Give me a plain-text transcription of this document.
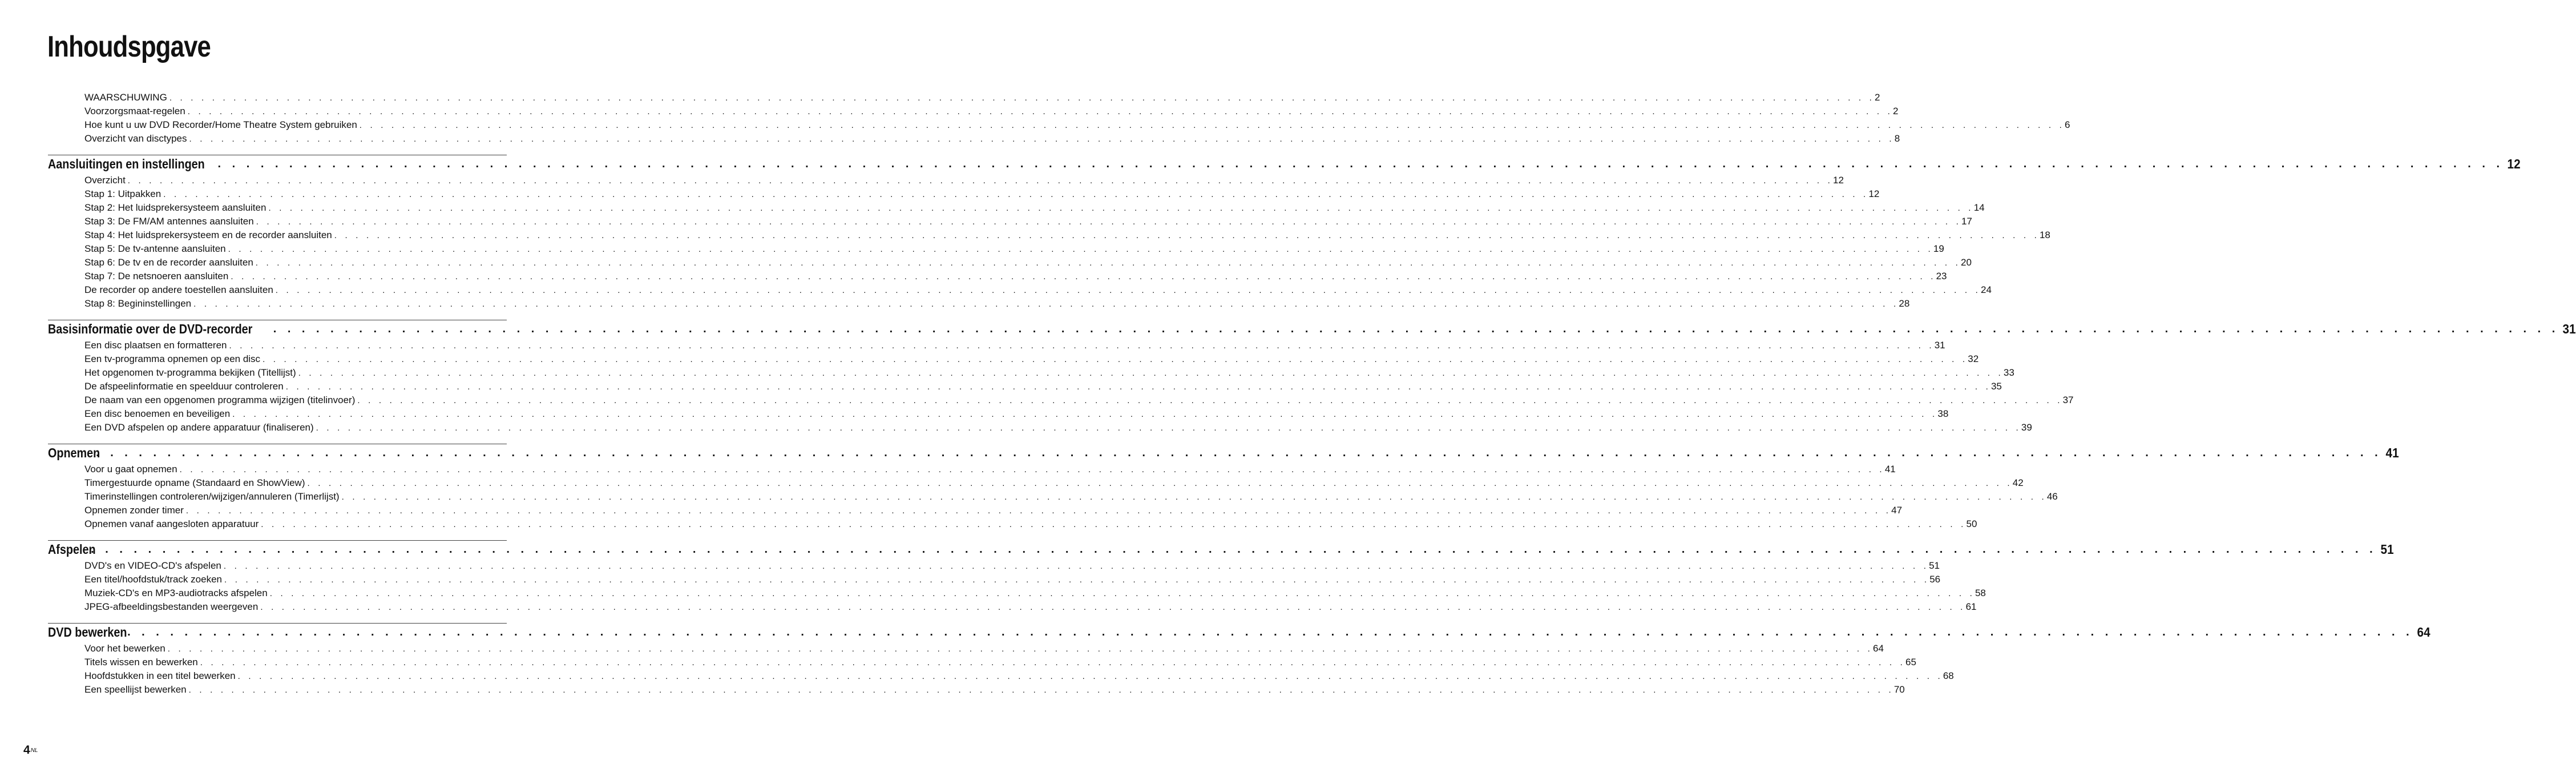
Inhoudspgave
WAARSCHUWING . . . . . . . . . . . . . . . . . . . . . . . . . . . . . . . . . . . . . . . . . . . . . . . . . . . . . . . . . . . . . . . . . . . . . . . . . . . . . . . . . . . . . . . . . . . . . . . . . . . . . . . . . . . . . . . . . . . . . . . . . . . . . . . . . . . . . . . . . . . . . . . . . . . . . . . . . . . . . . . . 2
Voorzorgsmaat-regelen . . . . . . . . . . . . . . . . . . . . . . . . . . . . . . . . . . . . . . . . . . . . . . . . . . . . . . . . . . . . . . . . . . . . . . . . . . . . . . . . . . . . . . . . . . . . . . . . . . . . . . . . . . . . . . . . . . . . . . . . . . . . . . . . . . . . . . . . . . . . . . . . . . . . . . . . . . . . . . . . 2
Hoe kunt u uw DVD Recorder/Home Theatre System gebruiken . . . . . . . . . . . . . . . . . . . . . . . . . . . . . . . . . . . . . . . . . . . . . . . . . . . . . . . . . . . . . . . . . . . . . . . . . . . . . . . . . . . . . . . . . . . . . . . . . . . . . . . . . . . . . . . . . . . . . . . . . . . . . . . . . . . . . . . . . . . . . . . . . . . . . . . . . . . . . . . . 6
Overzicht van disctypes . . . . . . . . . . . . . . . . . . . . . . . . . . . . . . . . . . . . . . . . . . . . . . . . . . . . . . . . . . . . . . . . . . . . . . . . . . . . . . . . . . . . . . . . . . . . . . . . . . . . . . . . . . . . . . . . . . . . . . . . . . . . . . . . . . . . . . . . . . . . . . . . . . . . . . . . . . . . . . . . 8
Aansluitingen en instellingen . . . . . . . . . . . . . . . . . . . . . . . . . . . . . . . . . . . . . . . . . . . . . . . . . . . . . . . . . . . . . . . . . . . . . . . . . . . . . . . . . . . . . . . . . . . . . . . . . . . . . . . . . . . . . . . . . . . . . . . . . . . . . . . . . . . . . . . . . . . . . . . . . . . . . . . . . . . . . . . . 12
Overzicht . . . . . . . . . . . . . . . . . . . . . . . . . . . . . . . . . . . . . . . . . . . . . . . . . . . . . . . . . . . . . . . . . . . . . . . . . . . . . . . . . . . . . . . . . . . . . . . . . . . . . . . . . . . . . . . . . . . . . . . . . . . . . . . . . . . . . . . . . . . . . . . . . . . . . . . . . . . . . . . . 12
Stap 1: Uitpakken . . . . . . . . . . . . . . . . . . . . . . . . . . . . . . . . . . . . . . . . . . . . . . . . . . . . . . . . . . . . . . . . . . . . . . . . . . . . . . . . . . . . . . . . . . . . . . . . . . . . . . . . . . . . . . . . . . . . . . . . . . . . . . . . . . . . . . . . . . . . . . . . . . . . . . . . . . . . . . . . 12
Stap 2: Het luidsprekersysteem aansluiten . . . . . . . . . . . . . . . . . . . . . . . . . . . . . . . . . . . . . . . . . . . . . . . . . . . . . . . . . . . . . . . . . . . . . . . . . . . . . . . . . . . . . . . . . . . . . . . . . . . . . . . . . . . . . . . . . . . . . . . . . . . . . . . . . . . . . . . . . . . . . . . . . . . . . . . . . . . . . . . . 14
Stap 3: De FM/AM antennes aansluiten . . . . . . . . . . . . . . . . . . . . . . . . . . . . . . . . . . . . . . . . . . . . . . . . . . . . . . . . . . . . . . . . . . . . . . . . . . . . . . . . . . . . . . . . . . . . . . . . . . . . . . . . . . . . . . . . . . . . . . . . . . . . . . . . . . . . . . . . . . . . . . . . . . . . . . . . . . . . . . . . 17
Stap 4: Het luidsprekersysteem en de recorder aansluiten . . . . . . . . . . . . . . . . . . . . . . . . . . . . . . . . . . . . . . . . . . . . . . . . . . . . . . . . . . . . . . . . . . . . . . . . . . . . . . . . . . . . . . . . . . . . . . . . . . . . . . . . . . . . . . . . . . . . . . . . . . . . . . . . . . . . . . . . . . . . . . . . . . . . . . . . . . . . . . . . 18
Stap 5: De tv-antenne aansluiten . . . . . . . . . . . . . . . . . . . . . . . . . . . . . . . . . . . . . . . . . . . . . . . . . . . . . . . . . . . . . . . . . . . . . . . . . . . . . . . . . . . . . . . . . . . . . . . . . . . . . . . . . . . . . . . . . . . . . . . . . . . . . . . . . . . . . . . . . . . . . . . . . . . . . . . . . . . . . . . . 19
Stap 6: De tv en de recorder aansluiten . . . . . . . . . . . . . . . . . . . . . . . . . . . . . . . . . . . . . . . . . . . . . . . . . . . . . . . . . . . . . . . . . . . . . . . . . . . . . . . . . . . . . . . . . . . . . . . . . . . . . . . . . . . . . . . . . . . . . . . . . . . . . . . . . . . . . . . . . . . . . . . . . . . . . . . . . . . . . . . . 20
Stap 7: De netsnoeren aansluiten . . . . . . . . . . . . . . . . . . . . . . . . . . . . . . . . . . . . . . . . . . . . . . . . . . . . . . . . . . . . . . . . . . . . . . . . . . . . . . . . . . . . . . . . . . . . . . . . . . . . . . . . . . . . . . . . . . . . . . . . . . . . . . . . . . . . . . . . . . . . . . . . . . . . . . . . . . . . . . . . 23
De recorder op andere toestellen aansluiten . . . . . . . . . . . . . . . . . . . . . . . . . . . . . . . . . . . . . . . . . . . . . . . . . . . . . . . . . . . . . . . . . . . . . . . . . . . . . . . . . . . . . . . . . . . . . . . . . . . . . . . . . . . . . . . . . . . . . . . . . . . . . . . . . . . . . . . . . . . . . . . . . . . . . . . . . . . . . . . . 24
Stap 8: Begininstellingen . . . . . . . . . . . . . . . . . . . . . . . . . . . . . . . . . . . . . . . . . . . . . . . . . . . . . . . . . . . . . . . . . . . . . . . . . . . . . . . . . . . . . . . . . . . . . . . . . . . . . . . . . . . . . . . . . . . . . . . . . . . . . . . . . . . . . . . . . . . . . . . . . . . . . . . . . . . . . . . . 28
Basisinformatie over de DVD-recorder . . . . . . . . . . . . . . . . . . . . . . . . . . . . . . . . . . . . . . . . . . . . . . . . . . . . . . . . . . . . . . . . . . . . . . . . . . . . . . . . . . . . . . . . . . . . . . . . . . . . . . . . . . . . . . . . . . . . . . . . . . . . . . . . . . . . . . . . . . . . . . . . . . . . . . . . . . . . . . . . 31
Een disc plaatsen en formatteren . . . . . . . . . . . . . . . . . . . . . . . . . . . . . . . . . . . . . . . . . . . . . . . . . . . . . . . . . . . . . . . . . . . . . . . . . . . . . . . . . . . . . . . . . . . . . . . . . . . . . . . . . . . . . . . . . . . . . . . . . . . . . . . . . . . . . . . . . . . . . . . . . . . . . . . . . . . . . . . . 31
Een tv-programma opnemen op een disc . . . . . . . . . . . . . . . . . . . . . . . . . . . . . . . . . . . . . . . . . . . . . . . . . . . . . . . . . . . . . . . . . . . . . . . . . . . . . . . . . . . . . . . . . . . . . . . . . . . . . . . . . . . . . . . . . . . . . . . . . . . . . . . . . . . . . . . . . . . . . . . . . . . . . . . . . . . . . . . . 32
Het opgenomen tv-programma bekijken (Titellijst) . . . . . . . . . . . . . . . . . . . . . . . . . . . . . . . . . . . . . . . . . . . . . . . . . . . . . . . . . . . . . . . . . . . . . . . . . . . . . . . . . . . . . . . . . . . . . . . . . . . . . . . . . . . . . . . . . . . . . . . . . . . . . . . . . . . . . . . . . . . . . . . . . . . . . . . . . . . . . . . . 33
De afspeelinformatie en speelduur controleren . . . . . . . . . . . . . . . . . . . . . . . . . . . . . . . . . . . . . . . . . . . . . . . . . . . . . . . . . . . . . . . . . . . . . . . . . . . . . . . . . . . . . . . . . . . . . . . . . . . . . . . . . . . . . . . . . . . . . . . . . . . . . . . . . . . . . . . . . . . . . . . . . . . . . . . . . . . . . . . . 35
De naam van een opgenomen programma wijzigen (titelinvoer) . . . . . . . . . . . . . . . . . . . . . . . . . . . . . . . . . . . . . . . . . . . . . . . . . . . . . . . . . . . . . . . . . . . . . . . . . . . . . . . . . . . . . . . . . . . . . . . . . . . . . . . . . . . . . . . . . . . . . . . . . . . . . . . . . . . . . . . . . . . . . . . . . . . . . . . . . . . . . . . . 37
Een disc benoemen en beveiligen . . . . . . . . . . . . . . . . . . . . . . . . . . . . . . . . . . . . . . . . . . . . . . . . . . . . . . . . . . . . . . . . . . . . . . . . . . . . . . . . . . . . . . . . . . . . . . . . . . . . . . . . . . . . . . . . . . . . . . . . . . . . . . . . . . . . . . . . . . . . . . . . . . . . . . . . . . . . . . . . 38
Een DVD afspelen op andere apparatuur (finaliseren) . . . . . . . . . . . . . . . . . . . . . . . . . . . . . . . . . . . . . . . . . . . . . . . . . . . . . . . . . . . . . . . . . . . . . . . . . . . . . . . . . . . . . . . . . . . . . . . . . . . . . . . . . . . . . . . . . . . . . . . . . . . . . . . . . . . . . . . . . . . . . . . . . . . . . . . . . . . . . . . . 39
Opnemen
. . . . . . . . . . . . . . . . . . . . . . . . . . . . . . . . . . . . . . . . . . . . . . . . . . . . . . . . . . . . . . . . . . . . . . . . . . . . . . . . . . . . . . . . . . . . . . . . . . . . . . . . . . . . . . . . . . . . . . . . . . . . . . . . . . . . . . . . . . . . . . . . . . . . . . . . . . . . . . . . 41
Voor u gaat opnemen . . . . . . . . . . . . . . . . . . . . . . . . . . . . . . . . . . . . . . . . . . . . . . . . . . . . . . . . . . . . . . . . . . . . . . . . . . . . . . . . . . . . . . . . . . . . . . . . . . . . . . . . . . . . . . . . . . . . . . . . . . . . . . . . . . . . . . . . . . . . . . . . . . . . . . . . . . . . . . . . 41
Timergestuurde opname (Standaard en ShowView) . . . . . . . . . . . . . . . . . . . . . . . . . . . . . . . . . . . . . . . . . . . . . . . . . . . . . . . . . . . . . . . . . . . . . . . . . . . . . . . . . . . . . . . . . . . . . . . . . . . . . . . . . . . . . . . . . . . . . . . . . . . . . . . . . . . . . . . . . . . . . . . . . . . . . . . . . . . . . . . . 42
Timerinstellingen controleren/wijzigen/annuleren (Timerlijst) . . . . . . . . . . . . . . . . . . . . . . . . . . . . . . . . . . . . . . . . . . . . . . . . . . . . . . . . . . . . . . . . . . . . . . . . . . . . . . . . . . . . . . . . . . . . . . . . . . . . . . . . . . . . . . . . . . . . . . . . . . . . . . . . . . . . . . . . . . . . . . . . . . . . . . . . . . . . . . . . 46
Opnemen zonder timer . . . . . . . . . . . . . . . . . . . . . . . . . . . . . . . . . . . . . . . . . . . . . . . . . . . . . . . . . . . . . . . . . . . . . . . . . . . . . . . . . . . . . . . . . . . . . . . . . . . . . . . . . . . . . . . . . . . . . . . . . . . . . . . . . . . . . . . . . . . . . . . . . . . . . . . . . . . . . . . . 47
Opnemen vanaf aangesloten apparatuur . . . . . . . . . . . . . . . . . . . . . . . . . . . . . . . . . . . . . . . . . . . . . . . . . . . . . . . . . . . . . . . . . . . . . . . . . . . . . . . . . . . . . . . . . . . . . . . . . . . . . . . . . . . . . . . . . . . . . . . . . . . . . . . . . . . . . . . . . . . . . . . . . . . . . . . . . . . . . . . . 50
Afspelen
. . . . . . . . . . . . . . . . . . . . . . . . . . . . . . . . . . . . . . . . . . . . . . . . . . . . . . . . . . . . . . . . . . . . . . . . . . . . . . . . . . . . . . . . . . . . . . . . . . . . . . . . . . . . . . . . . . . . . . . . . . . . . . . . . . . . . . . . . . . . . . . . . . . . . . . . . . . . . . . . 51
DVD's en VIDEO-CD's afspelen . . . . . . . . . . . . . . . . . . . . . . . . . . . . . . . . . . . . . . . . . . . . . . . . . . . . . . . . . . . . . . . . . . . . . . . . . . . . . . . . . . . . . . . . . . . . . . . . . . . . . . . . . . . . . . . . . . . . . . . . . . . . . . . . . . . . . . . . . . . . . . . . . . . . . . . . . . . . . . . . 51
Een titel/hoofdstuk/track zoeken . . . . . . . . . . . . . . . . . . . . . . . . . . . . . . . . . . . . . . . . . . . . . . . . . . . . . . . . . . . . . . . . . . . . . . . . . . . . . . . . . . . . . . . . . . . . . . . . . . . . . . . . . . . . . . . . . . . . . . . . . . . . . . . . . . . . . . . . . . . . . . . . . . . . . . . . . . . . . . . . 56
Muziek-CD's en MP3-audiotracks afspelen . . . . . . . . . . . . . . . . . . . . . . . . . . . . . . . . . . . . . . . . . . . . . . . . . . . . . . . . . . . . . . . . . . . . . . . . . . . . . . . . . . . . . . . . . . . . . . . . . . . . . . . . . . . . . . . . . . . . . . . . . . . . . . . . . . . . . . . . . . . . . . . . . . . . . . . . . . . . . . . . 58
JPEG-afbeeldingsbestanden weergeven . . . . . . . . . . . . . . . . . . . . . . . . . . . . . . . . . . . . . . . . . . . . . . . . . . . . . . . . . . . . . . . . . . . . . . . . . . . . . . . . . . . . . . . . . . . . . . . . . . . . . . . . . . . . . . . . . . . . . . . . . . . . . . . . . . . . . . . . . . . . . . . . . . . . . . . . . . . . . . . . 61
DVD bewerken . . . . . . . . . . . . . . . . . . . . . . . . . . . . . . . . . . . . . . . . . . . . . . . . . . . . . . . . . . . . . . . . . . . . . . . . . . . . . . . . . . . . . . . . . . . . . . . . . . . . . . . . . . . . . . . . . . . . . . . . . . . . . . . . . . . . . . . . . . . . . . . . . . . . . . . . . . . . . . . . 64
Voor het bewerken . . . . . . . . . . . . . . . . . . . . . . . . . . . . . . . . . . . . . . . . . . . . . . . . . . . . . . . . . . . . . . . . . . . . . . . . . . . . . . . . . . . . . . . . . . . . . . . . . . . . . . . . . . . . . . . . . . . . . . . . . . . . . . . . . . . . . . . . . . . . . . . . . . . . . . . . . . . . . . . . 64
Titels wissen en bewerken . . . . . . . . . . . . . . . . . . . . . . . . . . . . . . . . . . . . . . . . . . . . . . . . . . . . . . . . . . . . . . . . . . . . . . . . . . . . . . . . . . . . . . . . . . . . . . . . . . . . . . . . . . . . . . . . . . . . . . . . . . . . . . . . . . . . . . . . . . . . . . . . . . . . . . . . . . . . . . . . 65
Hoofdstukken in een titel bewerken . . . . . . . . . . . . . . . . . . . . . . . . . . . . . . . . . . . . . . . . . . . . . . . . . . . . . . . . . . . . . . . . . . . . . . . . . . . . . . . . . . . . . . . . . . . . . . . . . . . . . . . . . . . . . . . . . . . . . . . . . . . . . . . . . . . . . . . . . . . . . . . . . . . . . . . . . . . . . . . . 68
Een speellijst bewerken . . . . . . . . . . . . . . . . . . . . . . . . . . . . . . . . . . . . . . . . . . . . . . . . . . . . . . . . . . . . . . . . . . . . . . . . . . . . . . . . . . . . . . . . . . . . . . . . . . . . . . . . . . . . . . . . . . . . . . . . . . . . . . . . . . . . . . . . . . . . . . . . . . . . . . . . . . . . . . . . 70
$4^{NL}$
